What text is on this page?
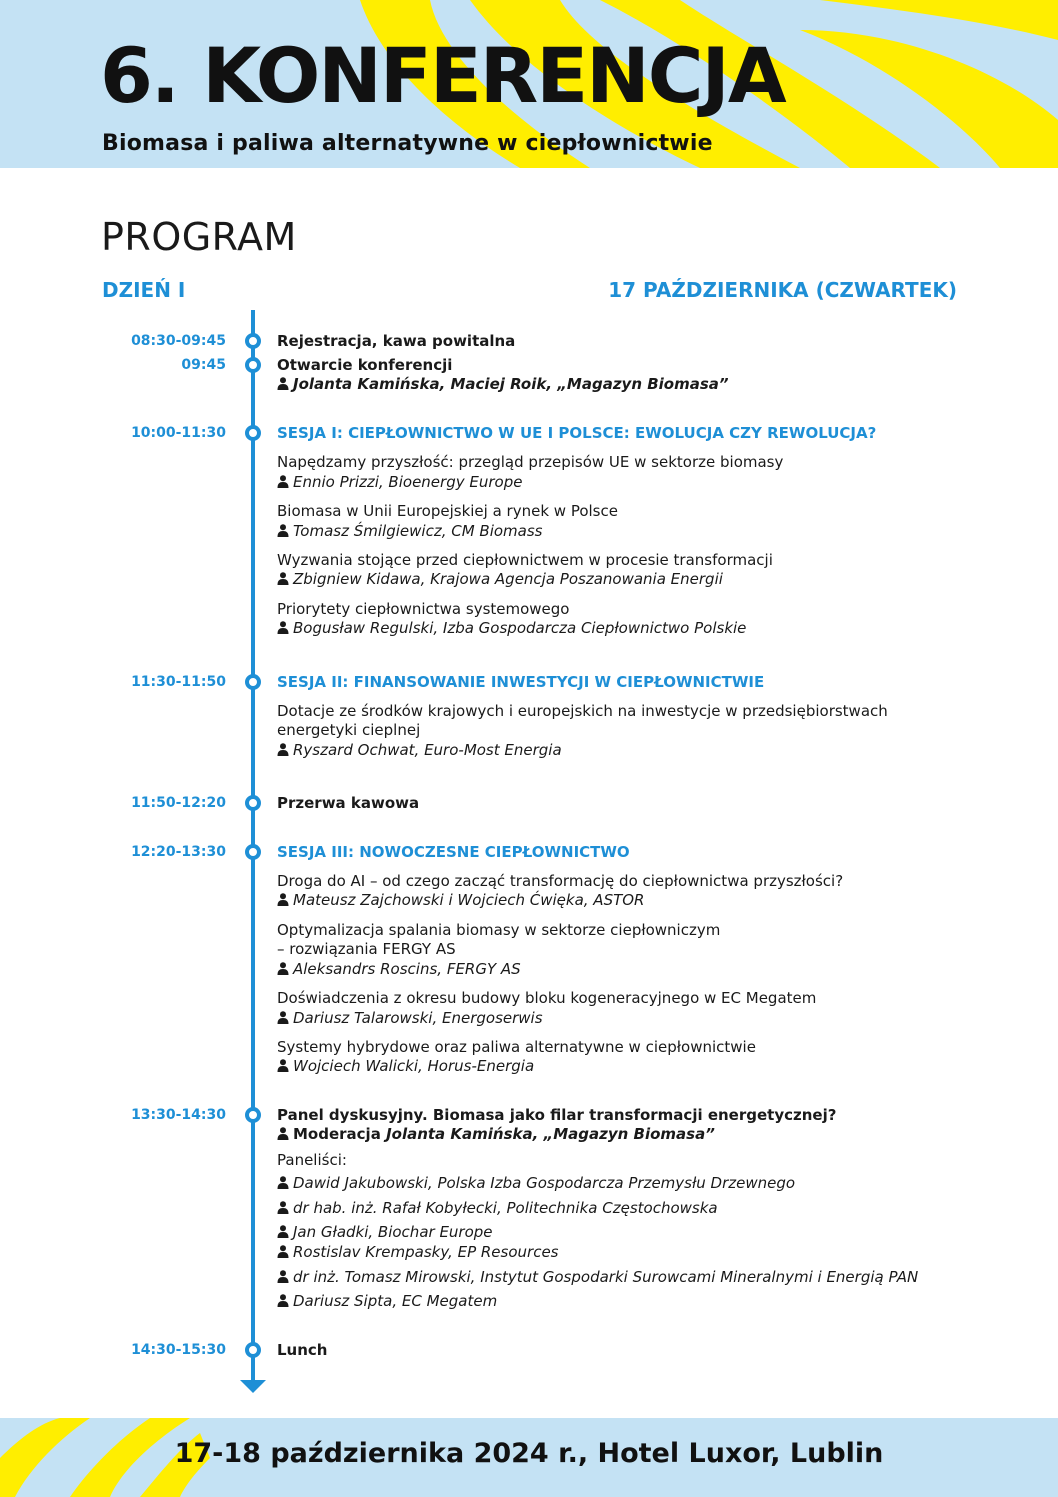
6. KONFERENCJA
Biomasa i paliwa alternatywne w ciepłownictwie
PROGRAM
DZIEŃ I	17 PAŹDZIERNIKA (CZWARTEK)
08:30-09:45
09:45
10:00-11:30
11:30-11:50
11:50-12:20
12:20-13:30
13:30-14:30
14:30-15:30
Rejestracja, kawa powitalna
Otwarcie konferencji
Jolanta Kamińska, Maciej Roik, „Magazyn Biomasa”
SESJA I: CIEPŁOWNICTWO W UE I POLSCE: EWOLUCJA CZY REWOLUCJA?
Napędzamy przyszłość: przegląd przepisów UE w sektorze biomasy
Ennio Prizzi, Bioenergy Europe
Biomasa w Unii Europejskiej a rynek w Polsce
Tomasz Śmilgiewicz, CM Biomass
Wyzwania stojące przed ciepłownictwem w procesie transformacji
Zbigniew Kidawa, Krajowa Agencja Poszanowania Energii
Priorytety ciepłownictwa systemowego
Bogusław Regulski, Izba Gospodarcza Ciepłownictwo Polskie
SESJA II: FINANSOWANIE INWESTYCJI W CIEPŁOWNICTWIE
Dotacje ze środków krajowych i europejskich na inwestycje w przedsiębiorstwach
energetyki cieplnej
Ryszard Ochwat, Euro-Most Energia
Przerwa kawowa
SESJA III: NOWOCZESNE CIEPŁOWNICTWO
Droga do AI – od czego zacząć transformację do ciepłownictwa przyszłości?
Mateusz Zajchowski i Wojciech Ćwiękа, ASTOR
Optymalizacja spalania biomasy w sektorze ciepłowniczym
– rozwiązania FERGY AS
Aleksandrs Roscins, FERGY AS
Doświadczenia z okresu budowy bloku kogeneracyjnego w EC Megatem
Dariusz Talarowski, Energoserwis
Systemy hybrydowe oraz paliwa alternatywne w ciepłownictwie
Wojciech Walicki, Horus-Energia
Panel dyskusyjny. Biomasa jako filar transformacji energetycznej?
Moderacja Jolanta Kamińska, „Magazyn Biomasa”
Paneliści:
Dawid Jakubowski, Polska Izba Gospodarcza Przemysłu Drzewnego
dr hab. inż. Rafał Kobyłecki, Politechnika Częstochowska
Jan Gładki, Biochar Europe
Rostislav Krempasky, EP Resources
dr inż. Tomasz Mirowski, Instytut Gospodarki Surowcami Mineralnymi i Energią PAN
Dariusz Sipta, EC Megatem
Lunch
17-18 października 2024 r., Hotel Luxor, Lublin
